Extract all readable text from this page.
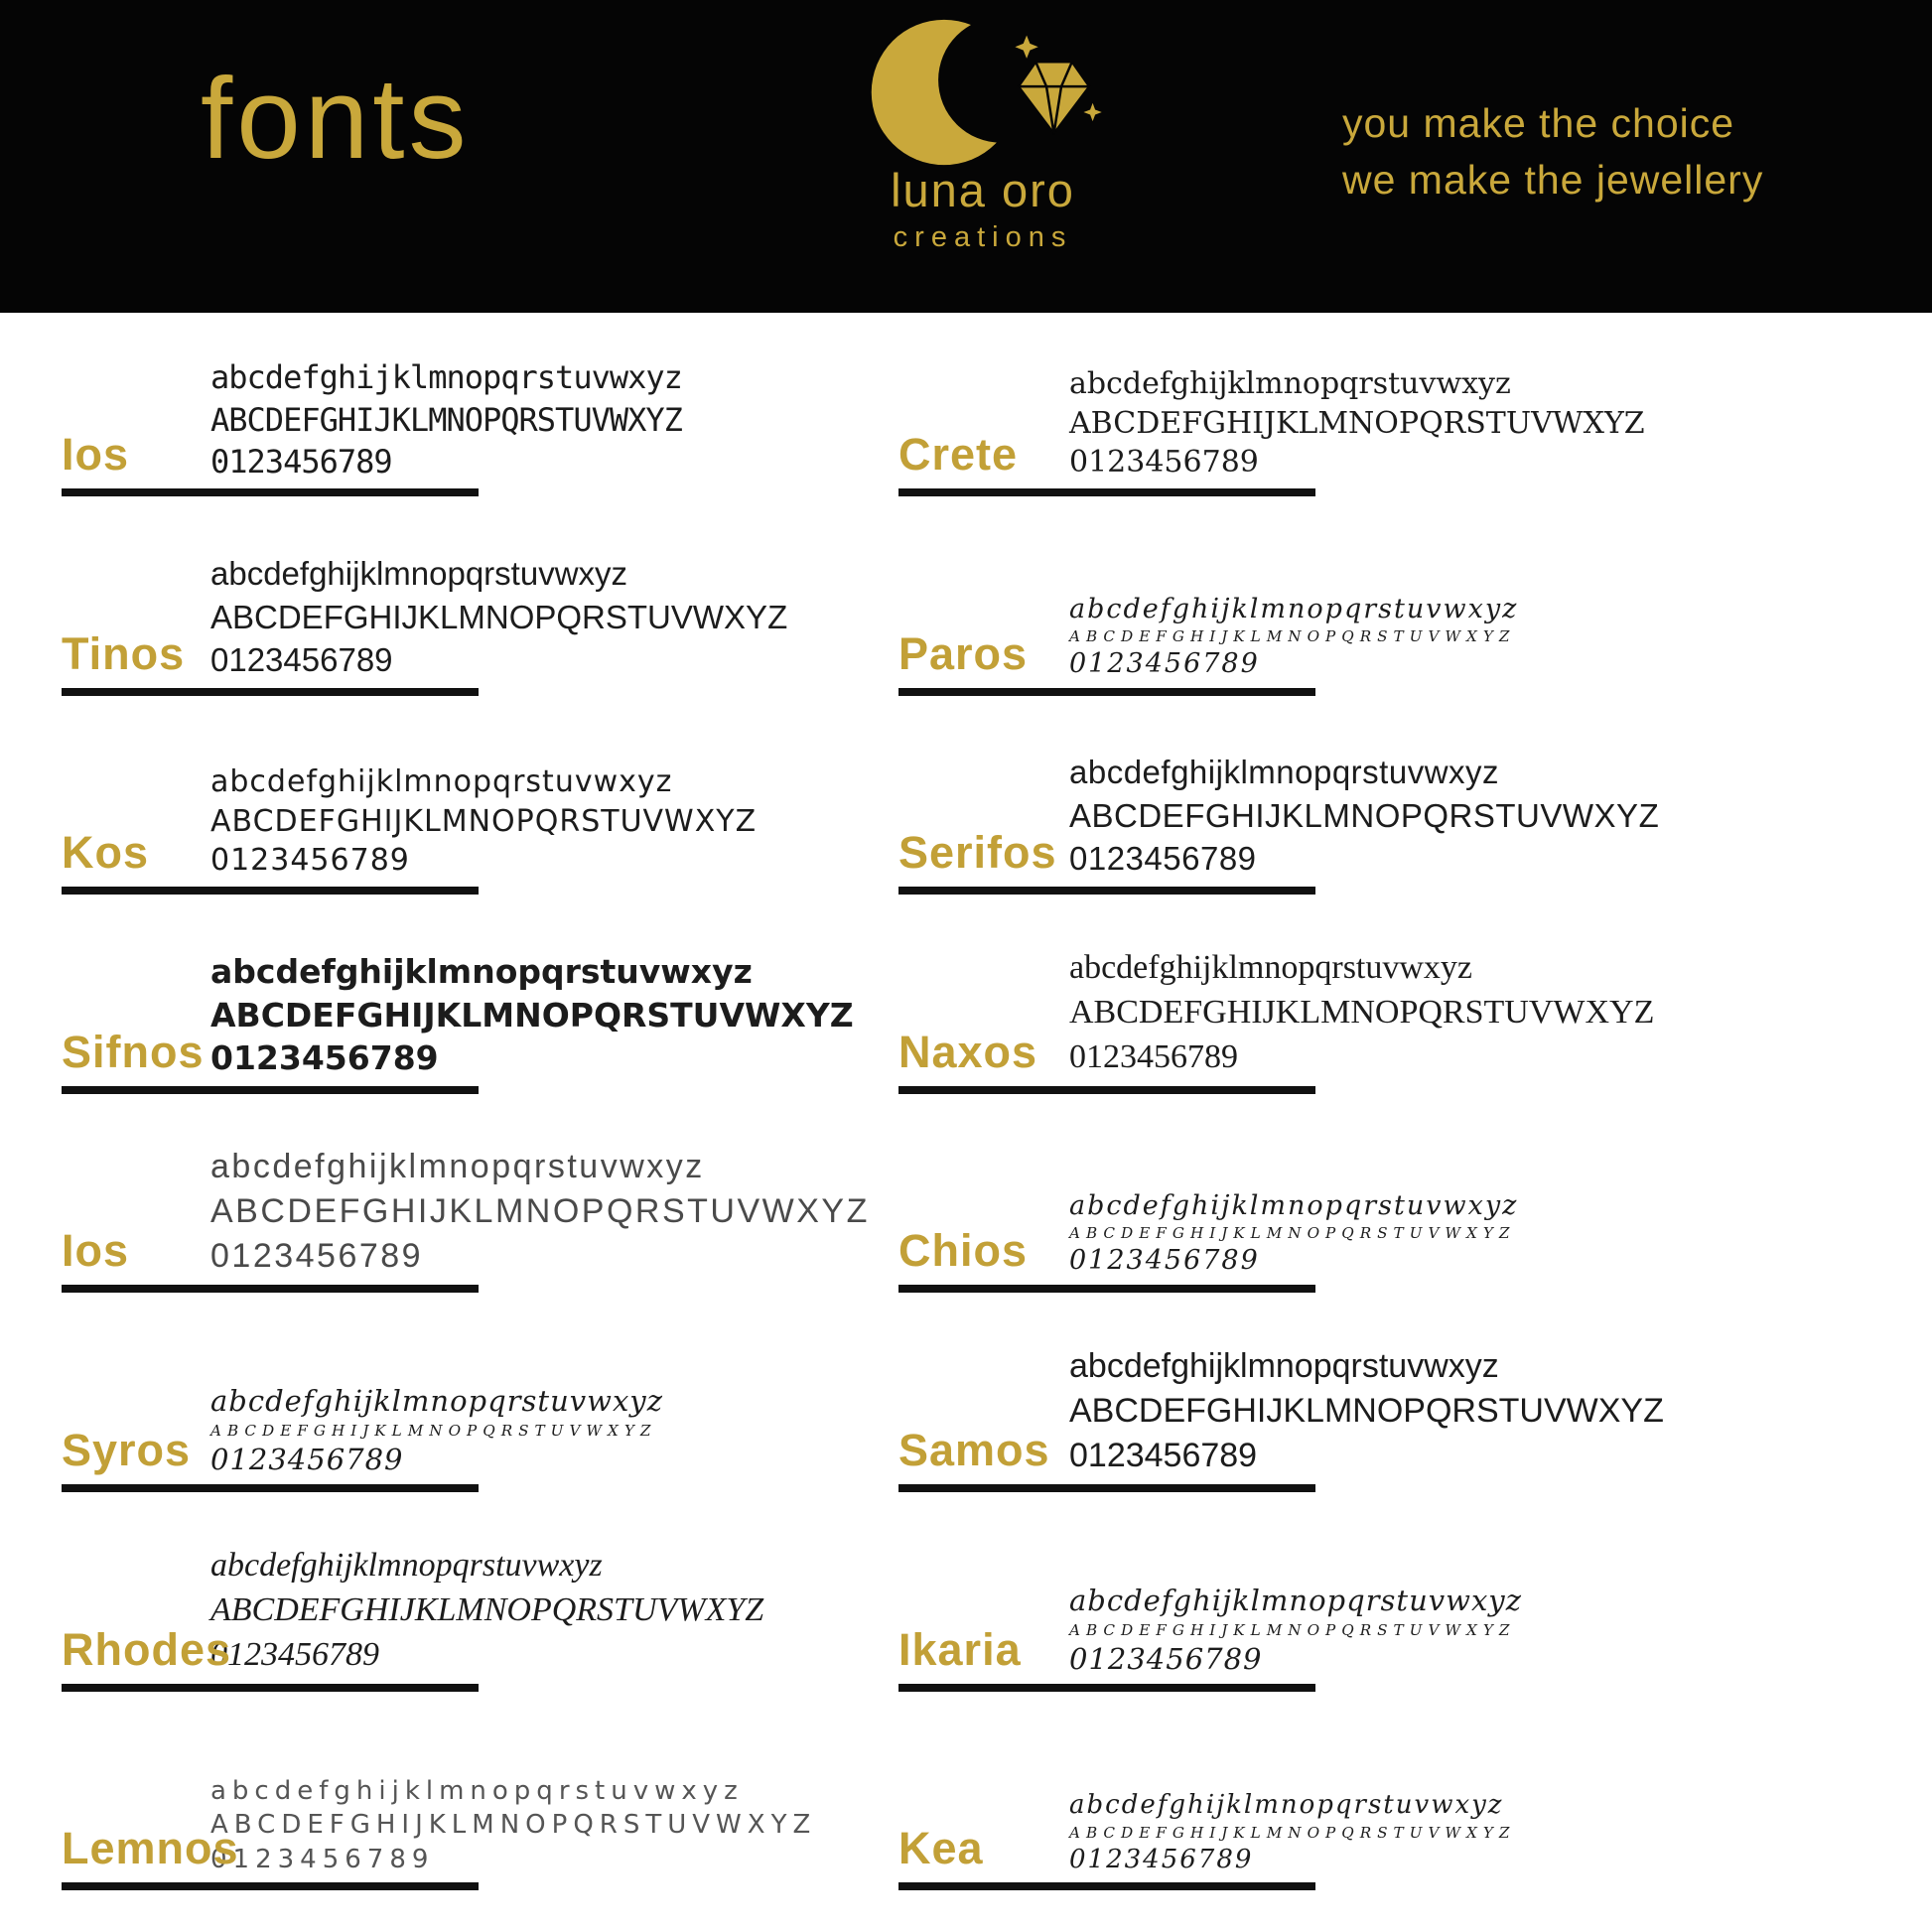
fonts
luna oro
creations
you make the choice
we make the jewellery
abcdefghijklmnopqrstuvwxyz
ABCDEFGHIJKLMNOPQRSTUVWXYZ
0123456789
Ios
abcdefghijklmnopqrstuvwxyz
ABCDEFGHIJKLMNOPQRSTUVWXYZ
0123456789
Tinos
abcdefghijklmnopqrstuvwxyz
ABCDEFGHIJKLMNOPQRSTUVWXYZ
0123456789
Kos
abcdefghijklmnopqrstuvwxyz
ABCDEFGHIJKLMNOPQRSTUVWXYZ
0123456789
Sifnos
abcdefghijklmnopqrstuvwxyz
ABCDEFGHIJKLMNOPQRSTUVWXYZ
0123456789
Ios
abcdefghijklmnopqrstuvwxyz
ABCDEFGHIJKLMNOPQRSTUVWXYZ
0123456789
Syros
abcdefghijklmnopqrstuvwxyz
ABCDEFGHIJKLMNOPQRSTUVWXYZ
0123456789
Rhodes
abcdefghijklmnopqrstuvwxyz
ABCDEFGHIJKLMNOPQRSTUVWXYZ
0123456789
Lemnos
abcdefghijklmnopqrstuvwxyz
ABCDEFGHIJKLMNOPQRSTUVWXYZ
0123456789
Crete
abcdefghijklmnopqrstuvwxyz
ABCDEFGHIJKLMNOPQRSTUVWXYZ
0123456789
Paros
abcdefghijklmnopqrstuvwxyz
ABCDEFGHIJKLMNOPQRSTUVWXYZ
0123456789
Serifos
abcdefghijklmnopqrstuvwxyz
ABCDEFGHIJKLMNOPQRSTUVWXYZ
0123456789
Naxos
abcdefghijklmnopqrstuvwxyz
ABCDEFGHIJKLMNOPQRSTUVWXYZ
0123456789
Chios
abcdefghijklmnopqrstuvwxyz
ABCDEFGHIJKLMNOPQRSTUVWXYZ
0123456789
Samos
abcdefghijklmnopqrstuvwxyz
ABCDEFGHIJKLMNOPQRSTUVWXYZ
0123456789
Ikaria
abcdefghijklmnopqrstuvwxyz
ABCDEFGHIJKLMNOPQRSTUVWXYZ
0123456789
Kea
